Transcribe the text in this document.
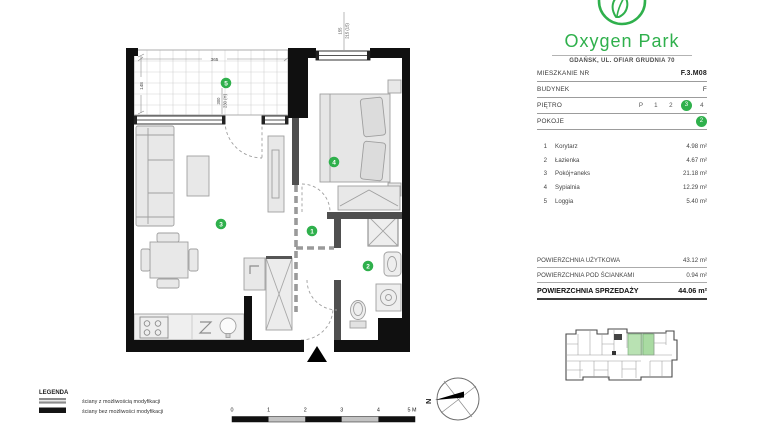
365
148
300 230 (H)
155 215 (15)
1
2
3
4
5
LEGENDA
ściany z możliwością modyfikacji
ściany bez możliwości modyfikacji	0	1	2	3	4	5 M
N
Oxygen Park
GDAŃSK, UL. OFIAR GRUDNIA 70
MIESZKANIE NR	F.3.M08
BUDYNEK	F
PIĘTRO	P	1	2	3	4
POKOJE	2
1 Korytarz	4.98 m²
2 Łazienka	4.67 m²
3 Pokój+aneks	21.18 m²
4 Sypialnia	12.29 m²
5 Loggia	5.40 m²
POWIERZCHNIA UŻYTKOWA	43.12 m²
POWIERZCHNIA POD ŚCIANKAMI	0.94 m²
POWIERZCHNIA SPRZEDAŻY	44.06 m²
